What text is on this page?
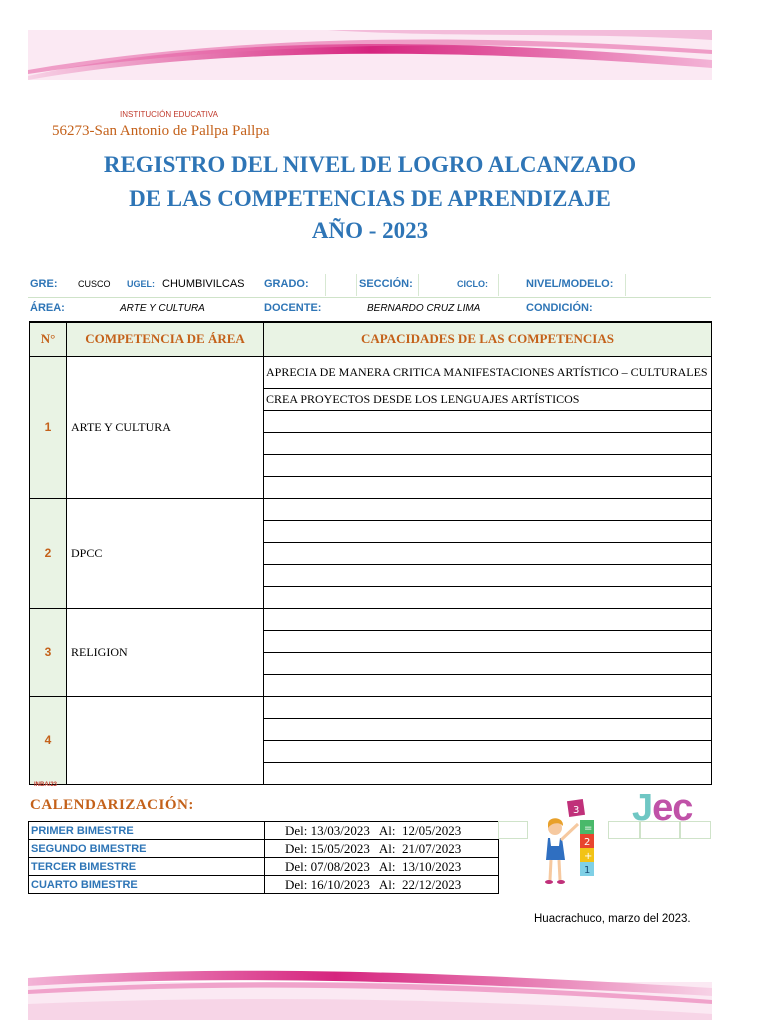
INSTITUCIÓN EDUCATIVA
56273-San Antonio de Pallpa Pallpa
REGISTRO DEL NIVEL DE LOGRO ALCANZADO
DE LAS COMPETENCIAS DE APRENDIZAJE
AÑO - 2023
GRE: CUSCO UGEL: CHUMBIVILCAS GRADO:	SECCIÓN:	CICLO:	NIVEL/MODELO:
ÁREA:	ARTE Y CULTURA	DOCENTE:	BERNARDO CRUZ LIMA	CONDICIÓN:
N°	COMPETENCIA DE ÁREA	CAPACIDADES DE LAS COMPETENCIAS
1	ARTE Y CULTURA	APRECIA DE MANERA CRITICA MANIFESTACIONES ARTÍSTICO – CULTURALES
		CREA PROYECTOS DESDE LOS LENGUAJES ARTÍSTICOS

2	DPCC	

3	RELIGION	

4		

INBA/23
CALENDARIZACIÓN:
PRIMER BIMESTRE	Del: 13/03/2023   Al:  12/05/2023
SEGUNDO BIMESTRE	Del: 15/05/2023   Al:  21/07/2023
TERCER BIMESTRE	Del: 07/08/2023   Al:  13/10/2023
CUARTO BIMESTRE	Del: 16/10/2023   Al:  22/12/2023
3
=
2
+
1
Jec
Huacrachuco, marzo del 2023.
